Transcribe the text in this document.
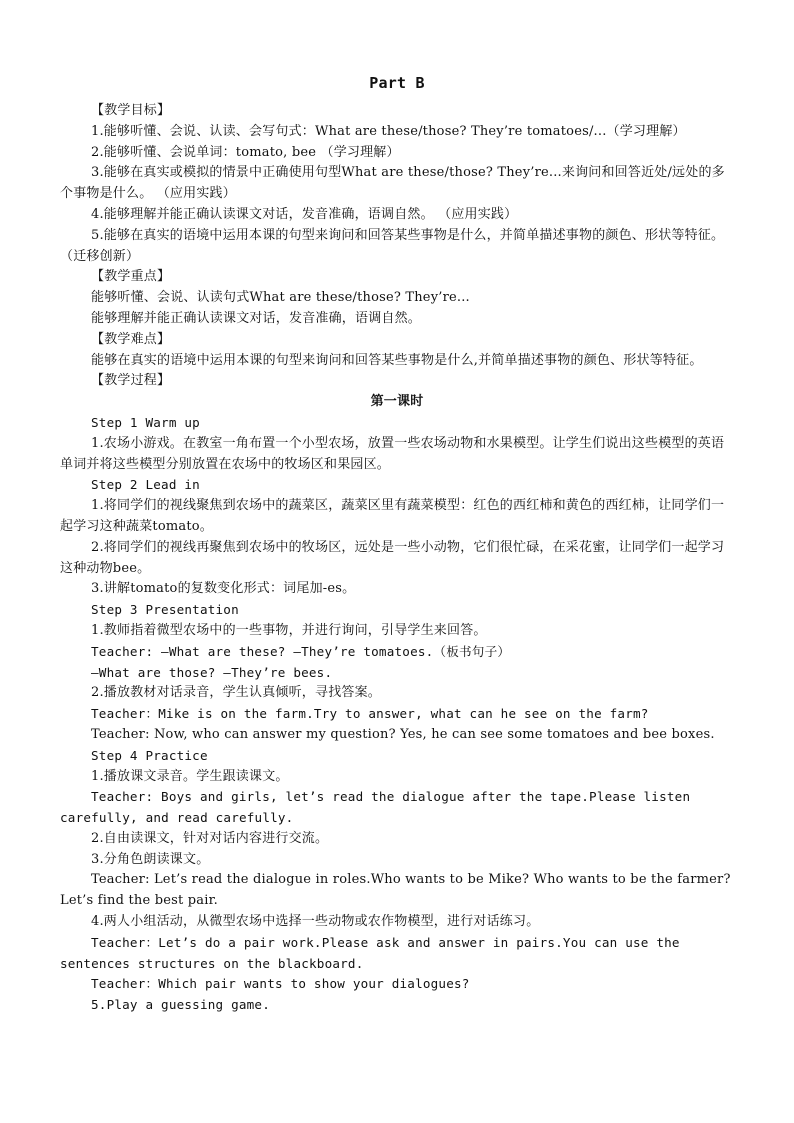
Part B

【教学目标】

1.能够听懂、会说、认读、会写句式：What are these/those? They’re tomatoes/...（学习理解）

2.能够听懂、会说单词：tomato, bee （学习理解）

3.能够在真实或模拟的情景中正确使用句型What are these/those? They’re...来询问和回答近处/远处的多个事物是什么。 （应用实践）

4.能够理解并能正确认读课文对话，发音准确，语调自然。 （应用实践）

5.能够在真实的语境中运用本课的句型来询问和回答某些事物是什么，并简单描述事物的颜色、形状等特征。 （迁移创新）

【教学重点】

能够听懂、会说、认读句式What are these/those? They’re...

能够理解并能正确认读课文对话，发音准确，语调自然。

【教学难点】

能够在真实的语境中运用本课的句型来询问和回答某些事物是什么,并简单描述事物的颜色、形状等特征。

【教学过程】

第一课时

Step 1 Warm up

1.农场小游戏。在教室一角布置一个小型农场，放置一些农场动物和水果模型。让学生们说出这些模型的英语单词并将这些模型分别放置在农场中的牧场区和果园区。

Step 2 Lead in

1.将同学们的视线聚焦到农场中的蔬菜区，蔬菜区里有蔬菜模型：红色的西红柿和黄色的西红柿，让同学们一起学习这种蔬菜tomato。

2.将同学们的视线再聚焦到农场中的牧场区，远处是一些小动物，它们很忙碌，在采花蜜，让同学们一起学习这种动物bee。

3.讲解tomato的复数变化形式：词尾加-es。

Step 3 Presentation

1.教师指着微型农场中的一些事物，并进行询问，引导学生来回答。

Teacher: —What are these? —They’re tomatoes.（板书句子）

—What are those? —They’re bees.

2.播放教材对话录音，学生认真倾听，寻找答案。

Teacher：Mike is on the farm.Try to answer, what can he see on the farm?

Teacher: Now, who can answer my question? Yes, he can see some tomatoes and bee boxes.

Step 4 Practice

1.播放课文录音。学生跟读课文。

Teacher: Boys and girls, let’s read the dialogue after the tape.Please listen carefully, and read carefully.

2.自由读课文，针对对话内容进行交流。

3.分角色朗读课文。

Teacher: Let’s read the dialogue in roles.Who wants to be Mike? Who wants to be the farmer? Let’s find the best pair.

4.两人小组活动，从微型农场中选择一些动物或农作物模型，进行对话练习。

Teacher：Let’s do a pair work.Please ask and answer in pairs.You can use the sentences structures on the blackboard.

Teacher：Which pair wants to show your dialogues?

5.Play a guessing game.
